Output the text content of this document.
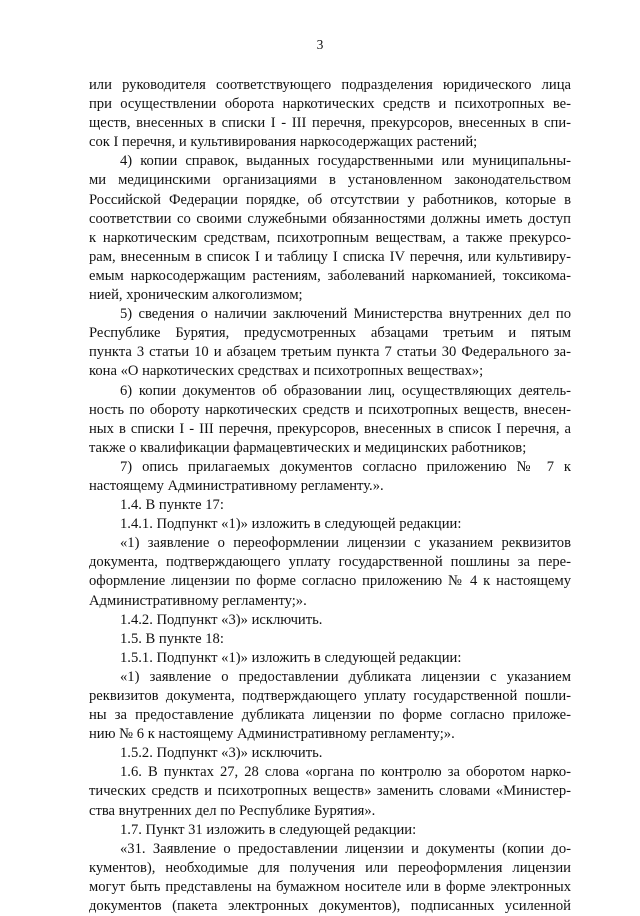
3
или руководителя соответствующего подразделения юридического лица
при осуществлении оборота наркотических средств и психотропных ве-
ществ, внесенных в списки I - III перечня, прекурсоров, внесенных в спи-
сок I перечня, и культивирования наркосодержащих растений;
4) копии справок, выданных государственными или муниципальны-
ми медицинскими организациями в установленном законодательством
Российской Федерации порядке, об отсутствии у работников, которые в
соответствии со своими служебными обязанностями должны иметь доступ
к наркотическим средствам, психотропным веществам, а также прекурсо-
рам, внесенным в список I и таблицу I списка IV перечня, или культивиру-
емым наркосодержащим растениям, заболеваний наркоманией, токсикома-
нией, хроническим алкоголизмом;
5) сведения о наличии заключений Министерства внутренних дел по
Республике Бурятия, предусмотренных абзацами третьим и пятым
пункта 3 статьи 10 и абзацем третьим пункта 7 статьи 30 Федерального за-
кона «О наркотических средствах и психотропных веществах»;
6) копии документов об образовании лиц, осуществляющих деятель-
ность по обороту наркотических средств и психотропных веществ, внесен-
ных в списки I - III перечня, прекурсоров, внесенных в список I перечня, а
также о квалификации фармацевтических и медицинских работников;
7) опись прилагаемых документов согласно приложению № 7 к
настоящему Административному регламенту.».
1.4. В пункте 17:
1.4.1. Подпункт «1)» изложить в следующей редакции:
«1) заявление о переоформлении лицензии с указанием реквизитов
документа, подтверждающего уплату государственной пошлины за пере-
оформление лицензии по форме согласно приложению № 4 к настоящему
Административному регламенту;».
1.4.2. Подпункт «3)» исключить.
1.5. В пункте 18:
1.5.1. Подпункт «1)» изложить в следующей редакции:
«1) заявление о предоставлении дубликата лицензии с указанием
реквизитов документа, подтверждающего уплату государственной пошли-
ны за предоставление дубликата лицензии по форме согласно приложе-
нию № 6 к настоящему Административному регламенту;».
1.5.2. Подпункт «3)» исключить.
1.6. В пунктах 27, 28 слова «органа по контролю за оборотом нарко-
тических средств и психотропных веществ» заменить словами «Министер-
ства внутренних дел по Республике Бурятия».
1.7. Пункт 31 изложить в следующей редакции:
«31. Заявление о предоставлении лицензии и документы (копии до-
кументов), необходимые для получения или переоформления лицензии
могут быть представлены на бумажном носителе или в форме электронных
документов (пакета электронных документов), подписанных усиленной
